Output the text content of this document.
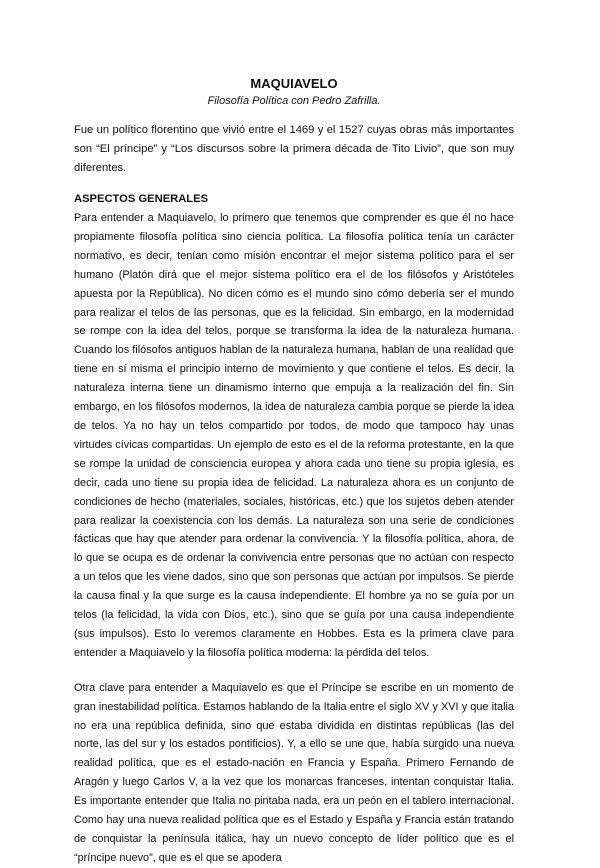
MAQUIAVELO

Filosofía Política con Pedro Zafrilla.

Fue un político florentino que vivió entre el 1469 y el 1527 cuyas obras más importantes son “El príncipe” y “Los discursos sobre la primera década de Tito Livio”, que son muy diferentes.

ASPECTOS GENERALES

Para entender a Maquiavelo, lo primero que tenemos que comprender es que él no hace propiamente filosofía política sino ciencia política. La filosofía política tenía un carácter normativo, es decir, tenían como misión encontrar el mejor sistema político para el ser humano (Platón dirá que el mejor sistema político era el de los filósofos y Aristóteles apuesta por la República). No dicen cómo es el mundo sino cómo debería ser el mundo para realizar el telos de las personas, que es la felicidad. Sin embargo, en la modernidad se rompe con la idea del telos, porque se transforma la idea de la naturaleza humana. Cuando los filósofos antiguos hablan de la naturaleza humana, hablan de una realidad que tiene en sí misma el principio interno de movimiento y que contiene el telos. Es decir, la naturaleza interna tiene un dinamismo interno que empuja a la realización del fin. Sin embargo, en los filósofos modernos, la idea de naturaleza cambia porque se pierde la idea de telos. Ya no hay un telos compartido por todos, de modo que tampoco hay unas virtudes cívicas compartidas. Un ejemplo de esto es el de la reforma protestante, en la que se rompe la unidad de consciencia europea y ahora cada uno tiene su propia iglesia, es decir, cada uno tiene su propia idea de felicidad. La naturaleza ahora es un conjunto de condiciones de hecho (materiales, sociales, históricas, etc.) que los sujetos deben atender para realizar la coexistencia con los demás. La naturaleza son una serie de condiciones fácticas que hay que atender para ordenar la convivencia. Y la filosofía política, ahora, de lo que se ocupa es de ordenar la convivencia entre personas que no actúan con respecto a un telos que les viene dados, sino que son personas que actúan por impulsos. Se pierde la causa final y la que surge es la causa independiente. El hombre ya no se guía por un telos (la felicidad, la vida con Dios, etc.), sino que se guía por una causa independiente (sus impulsos). Esto lo veremos claramente en Hobbes. Esta es la primera clave para entender a Maquiavelo y la filosofía política moderna: la pérdida del telos.

Otra clave para entender a Maquiavelo es que el Príncipe se escribe en un momento de gran inestabilidad política. Estamos hablando de la Italia entre el siglo XV y XVI y que italia no era una república definida, sino que estaba dividida en distintas repúblicas (las del norte, las del sur y los estados pontificios). Y, a ello se une que, había surgido una nueva realidad política, que es el estado-nación en Francia y España. Primero Fernando de Aragón y luego Carlos V, a la vez que los monarcas franceses, intentan conquistar Italia. Es importante entender que Italia no pintaba nada, era un peón en el tablero internacional. Como hay una nueva realidad política que es el Estado y España y Francia están tratando de conquistar la península itálica, hay un nuevo concepto de líder político que es el “príncipe nuevo”, que es el que se apodera
